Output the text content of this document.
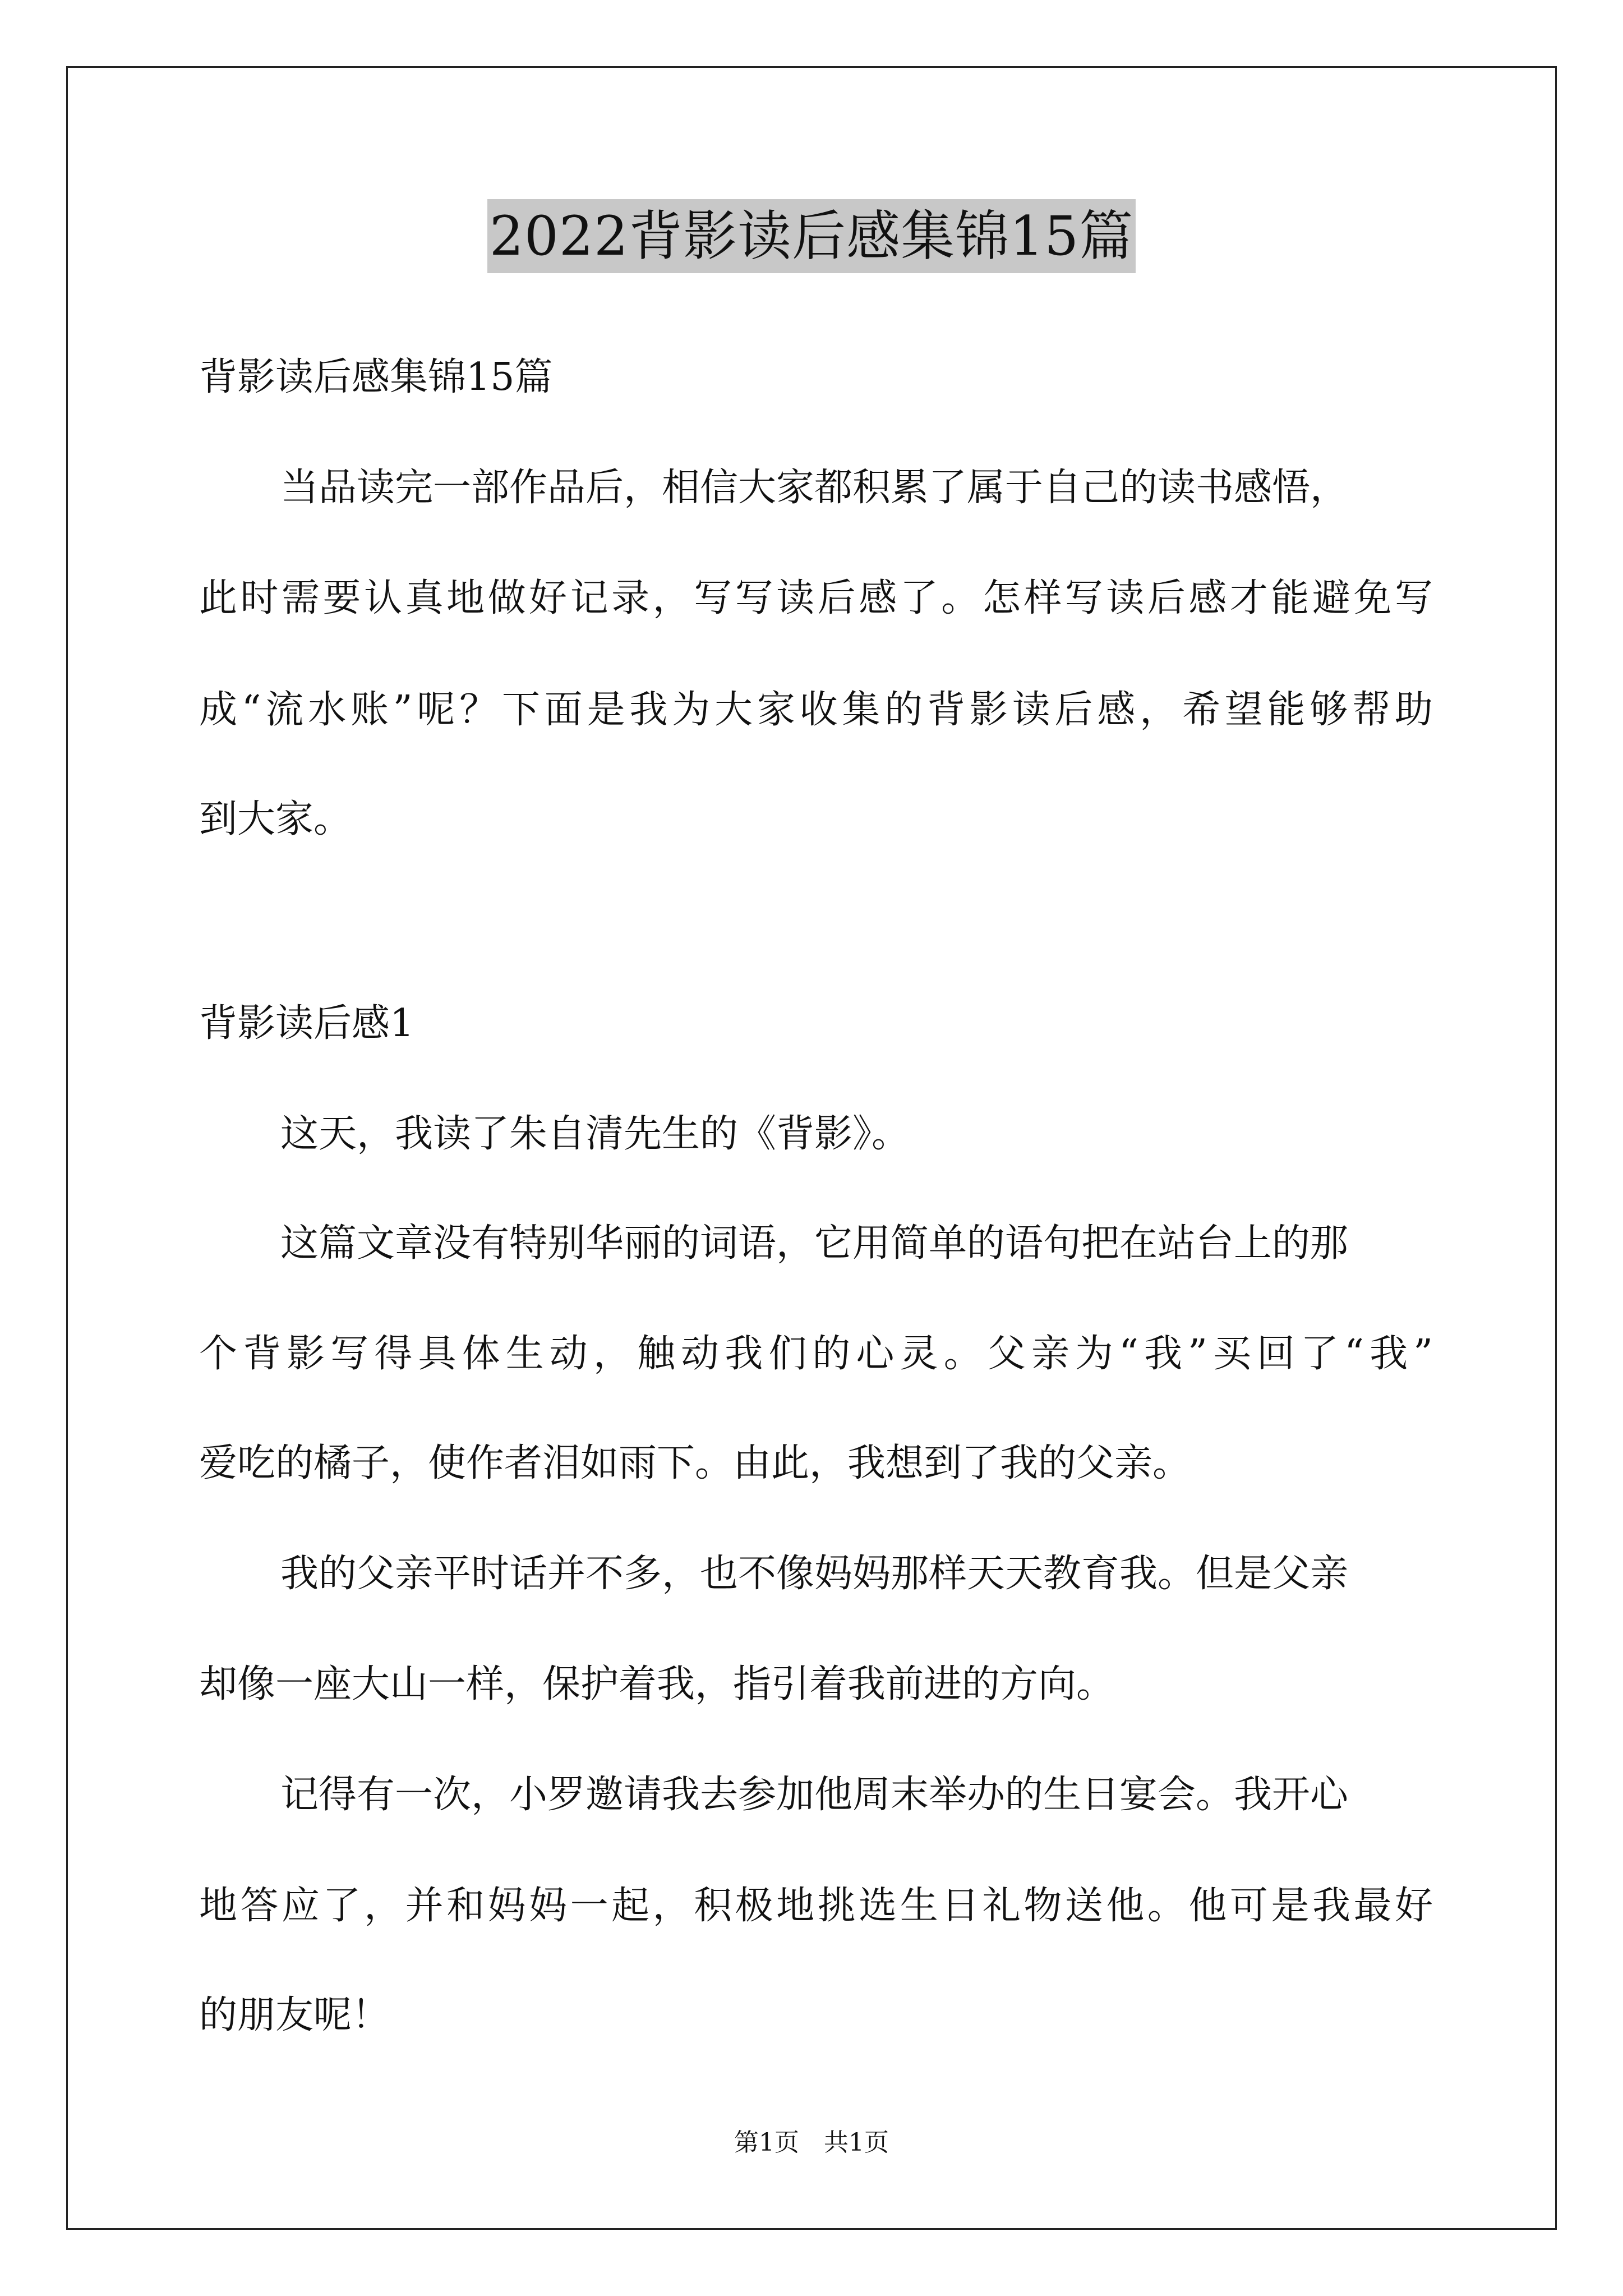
2022背影读后感集锦15篇
背影读后感集锦15篇
当品读完一部作品后，相信大家都积累了属于自己的读书感悟，
此时需要认真地做好记录，写写读后感了。怎样写读后感才能避免写
成“流水账”呢？下面是我为大家收集的背影读后感，希望能够帮助
到大家。
背影读后感1
这天，我读了朱自清先生的《背影》。
这篇文章没有特别华丽的词语，它用简单的语句把在站台上的那
个背影写得具体生动，触动我们的心灵。父亲为“我”买回了“我”
爱吃的橘子，使作者泪如雨下。由此，我想到了我的父亲。
我的父亲平时话并不多，也不像妈妈那样天天教育我。但是父亲
却像一座大山一样，保护着我，指引着我前进的方向。
记得有一次，小罗邀请我去参加他周末举办的生日宴会。我开心
地答应了，并和妈妈一起，积极地挑选生日礼物送他。他可是我最好
的朋友呢！
第1页　共1页
